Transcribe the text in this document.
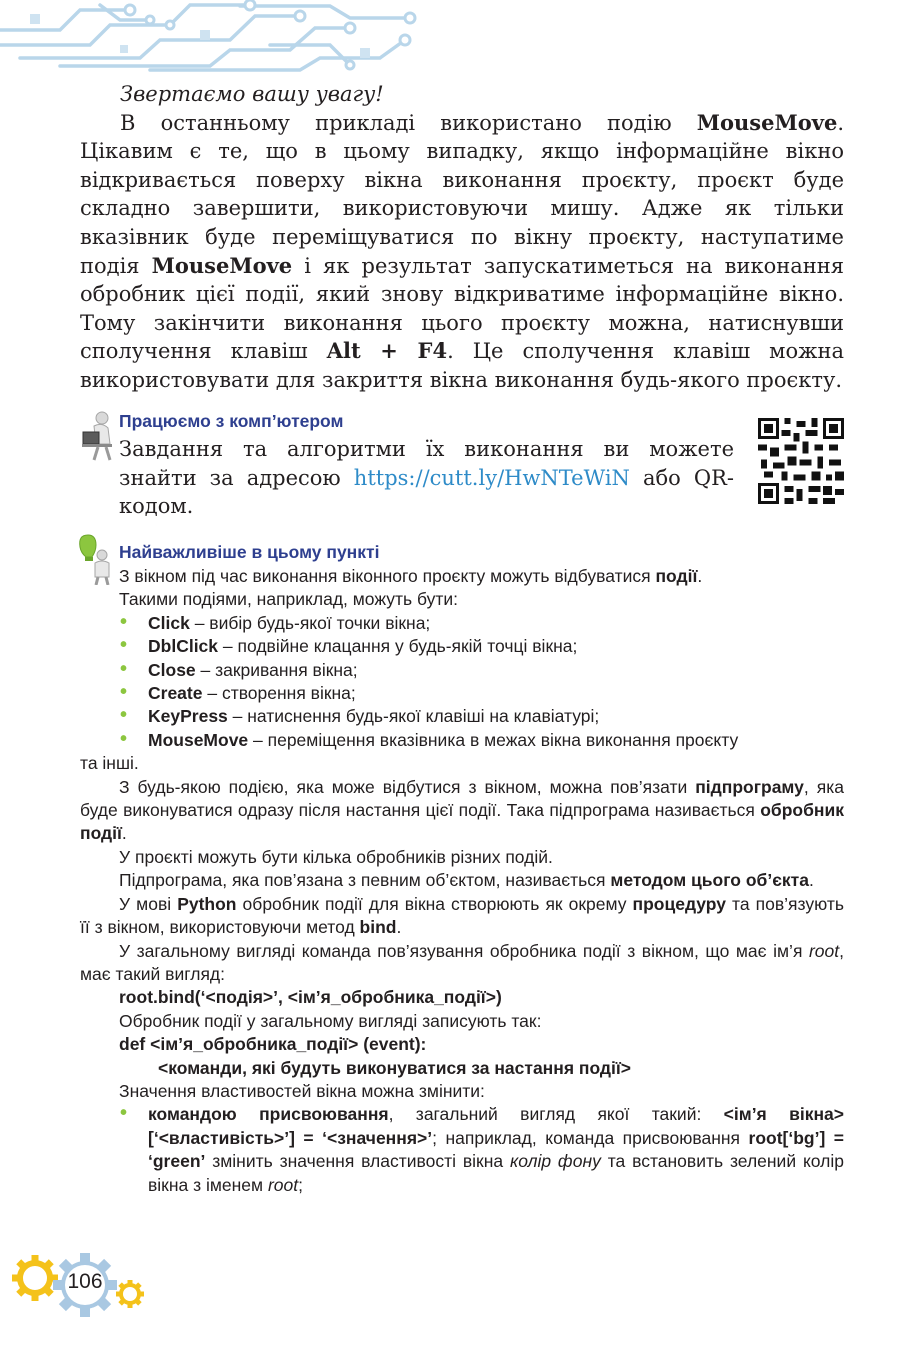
Звертаємо вашу увагу!

В останньому прикладі використано подію MouseMove. Цікавим є те, що в цьому випадку, якщо інформаційне вікно відкривається поверху вікна виконання проєкту, проєкт буде складно завершити, використовуючи мишу. Адже як тільки вказівник буде переміщуватися по вікну проєкту, наступатиме подія MouseMove і як результат запускатиметься на виконання обробник цієї події, який знову відкриватиме інформаційне вікно. Тому закінчити виконання цього проєкту можна, натиснувши сполучення клавіш Alt + F4. Це сполучення клавіш можна використовувати для закриття вікна виконання будь-якого проєкту.

Працюємо з комп’ютером

Завдання та алгоритми їх виконання ви можете знайти за адресою https://cutt.ly/HwNTeWiN або QR-кодом.

Найважливіше в цьому пункті

З вікном під час виконання віконного проєкту можуть відбуватися події.

Такими подіями, наприклад, можуть бути:

• Click – вибір будь-якої точки вікна;

• DblClick – подвійне клацання у будь-якій точці вікна;

• Close – закривання вікна;

• Create – створення вікна;

• KeyPress – натиснення будь-якої клавіші на клавіатурі;

• MouseMove – переміщення вказівника в межах вікна виконання проєкту

та інші.

З будь-якою подією, яка може відбутися з вікном, можна пов’язати підпрограму, яка буде виконуватися одразу після настання цієї події. Така підпрограма називається обробник події.

У проєкті можуть бути кілька обробників різних подій.

Підпрограма, яка пов’язана з певним об’єктом, називається методом цього об’єкта.

У мові Python обробник події для вікна створюють як окрему процедуру та пов’язують її з вікном, використовуючи метод bind.

У загальному вигляді команда пов’язування обробника події з вікном, що має ім’я root, має такий вигляд:

root.bind(‘<подія>’, <ім’я_обробника_події>)

Обробник події у загальному вигляді записують так:

def <ім’я_обробника_події> (event):

<команди, які будуть виконуватися за настання події>

Значення властивостей вікна можна змінити:

• командою присвоювання, загальний вигляд якої такий: <ім’я вікна>[‘<властивість>’] = ‘<значення>’; наприклад, команда присвоювання root[‘bg’] = ‘green’ змінить значення властивості вікна колір фону та встановить зелений колір вікна з іменем root;

106
